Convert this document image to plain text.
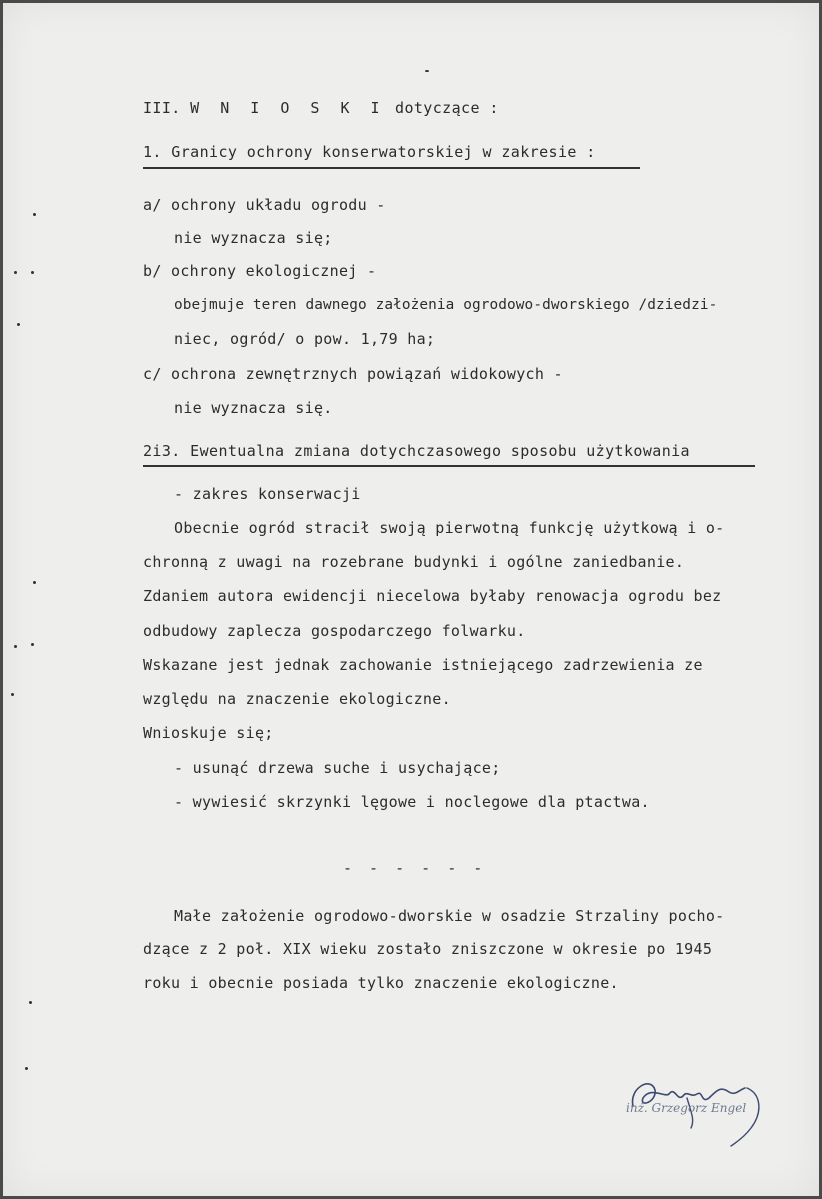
III. W N I O S K I dotyczące :
1. Granicy ochrony konserwatorskiej w zakresie :
a/ ochrony układu ogrodu -
nie wyznacza się;
b/ ochrony ekologicznej -
obejmuje teren dawnego założenia ogrodowo-dworskiego /dziedzi-
niec, ogród/ o pow. 1,79 ha;
c/ ochrona zewnętrznych powiązań widokowych -
nie wyznacza się.
2i3. Ewentualna zmiana dotychczasowego sposobu użytkowania
- zakres konserwacji
Obecnie ogród stracił swoją pierwotną funkcję użytkową i o-
chronną z uwagi na rozebrane budynki i ogólne zaniedbanie.
Zdaniem autora ewidencji niecelowa byłaby renowacja ogrodu bez
odbudowy zaplecza gospodarczego folwarku.
Wskazane jest jednak zachowanie istniejącego zadrzewienia ze
względu na znaczenie ekologiczne.
Wnioskuje się;
- usunąć drzewa suche i usychające;
- wywiesić skrzynki lęgowe i noclegowe dla ptactwa.
- - - - - -
Małe założenie ogrodowo-dworskie w osadzie Strzaliny pocho-
dzące z 2 poł. XIX wieku zostało zniszczone w okresie po 1945
roku i obecnie posiada tylko znaczenie ekologiczne.
inż. Grzegorz Engel
